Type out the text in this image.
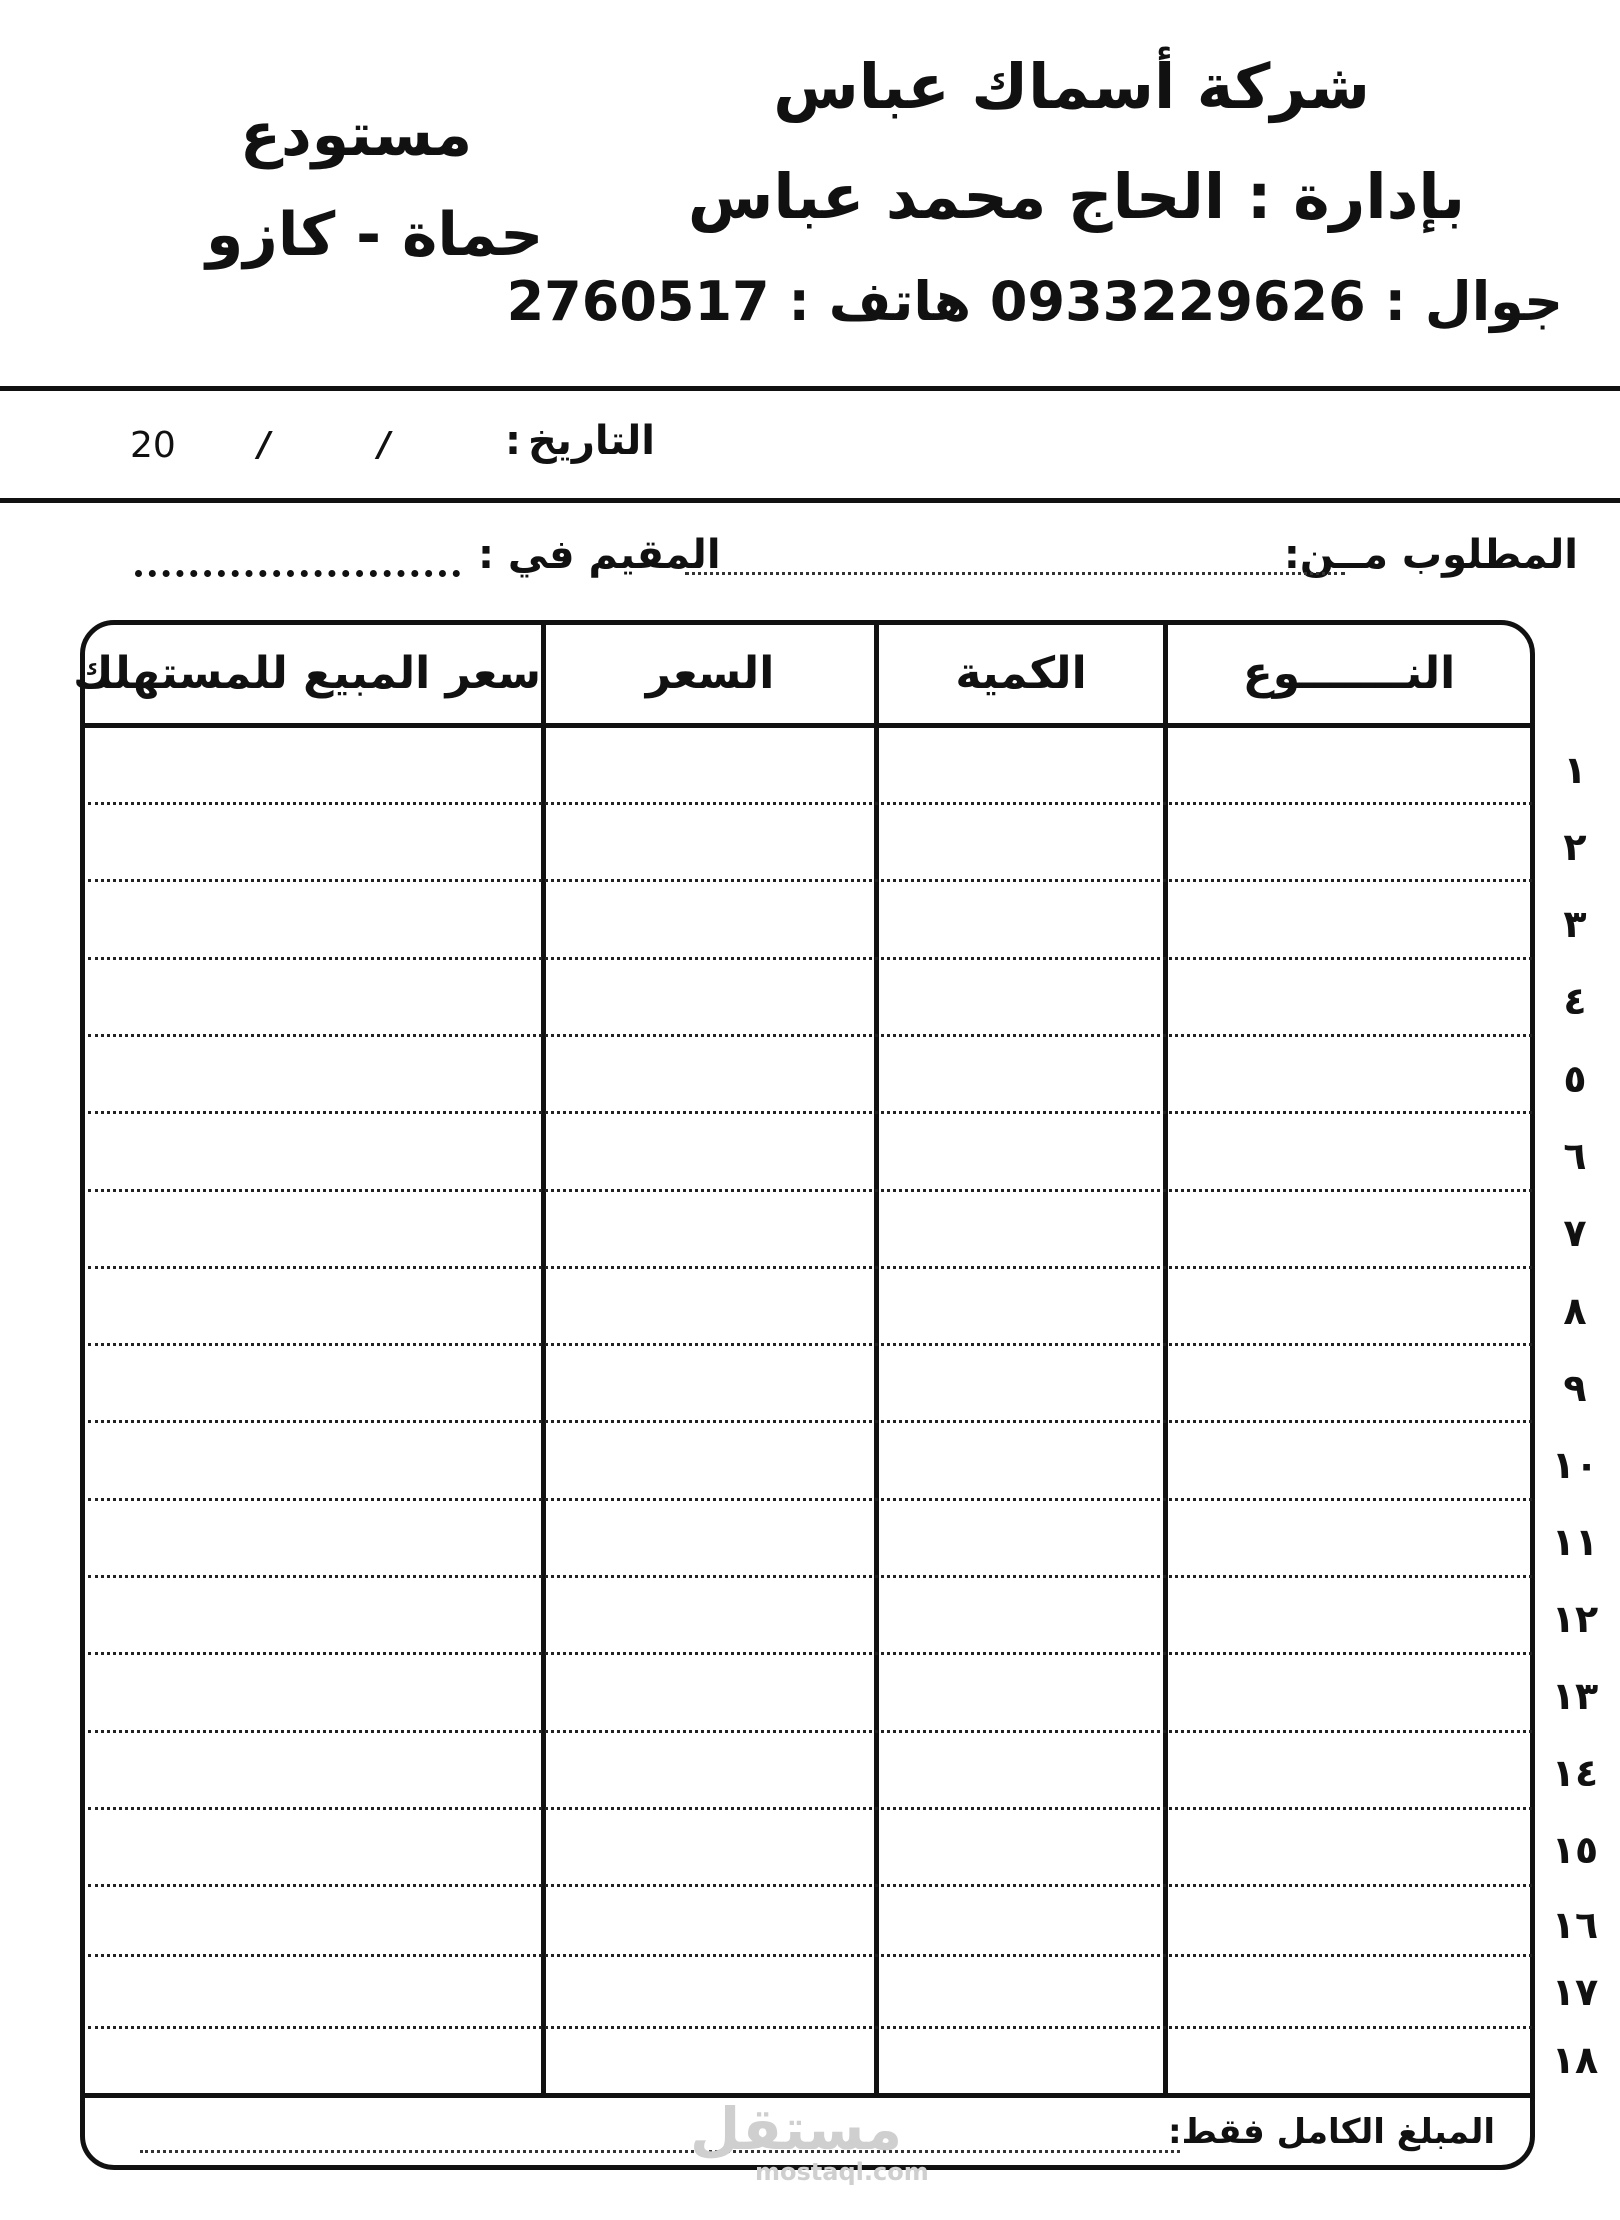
شركة أسماك عباس
بإدارة : الحاج محمد عباس
جوال : 0933229626 هاتف : 2760517
مستودع
حماة - كازو
التاريخ
:
/
/
20
المطلوب مــن:
المقيم في :
النـــــــوع
الكمية
السعر
سعر المبيع للمستهلك
١
٢
٣
٤
٥
٦
٧
٨
٩
١٠
١١
١٢
١٣
١٤
١٥
١٦
١٧
١٨
المبلغ الكامل فقط:
مستقل
mostaql.com
